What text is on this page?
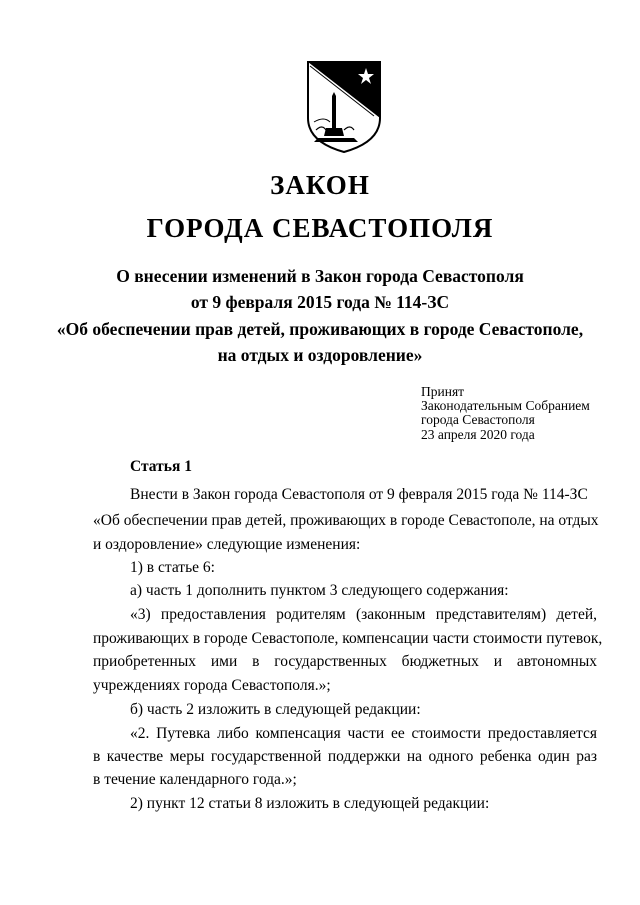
ЗАКОН
ГОРОДА СЕВАСТОПОЛЯ
О внесении изменений в Закон города Севастополя
от 9 февраля 2015 года № 114-ЗС
«Об обеспечении прав детей, проживающих в городе Севастополе,
на отдых и оздоровление»
Принят
Законодательным Собранием
города Севастополя
23 апреля 2020 года
Статья 1
Внести в Закон города Севастополя от 9 февраля 2015 года № 114-ЗС
«Об обеспечении прав детей, проживающих в городе Севастополе, на отдых
и оздоровление» следующие изменения:
1) в статье 6:
а) часть 1 дополнить пунктом 3 следующего содержания:
«3) предоставления родителям (законным представителям) детей,
проживающих в городе Севастополе, компенсации части стоимости путевок,
приобретенных ими в государственных бюджетных и автономных
учреждениях города Севастополя.»;
б) часть 2 изложить в следующей редакции:
«2. Путевка либо компенсация части ее стоимости предоставляется
в качестве меры государственной поддержки на одного ребенка один раз
в течение календарного года.»;
2) пункт 12 статьи 8 изложить в следующей редакции:
